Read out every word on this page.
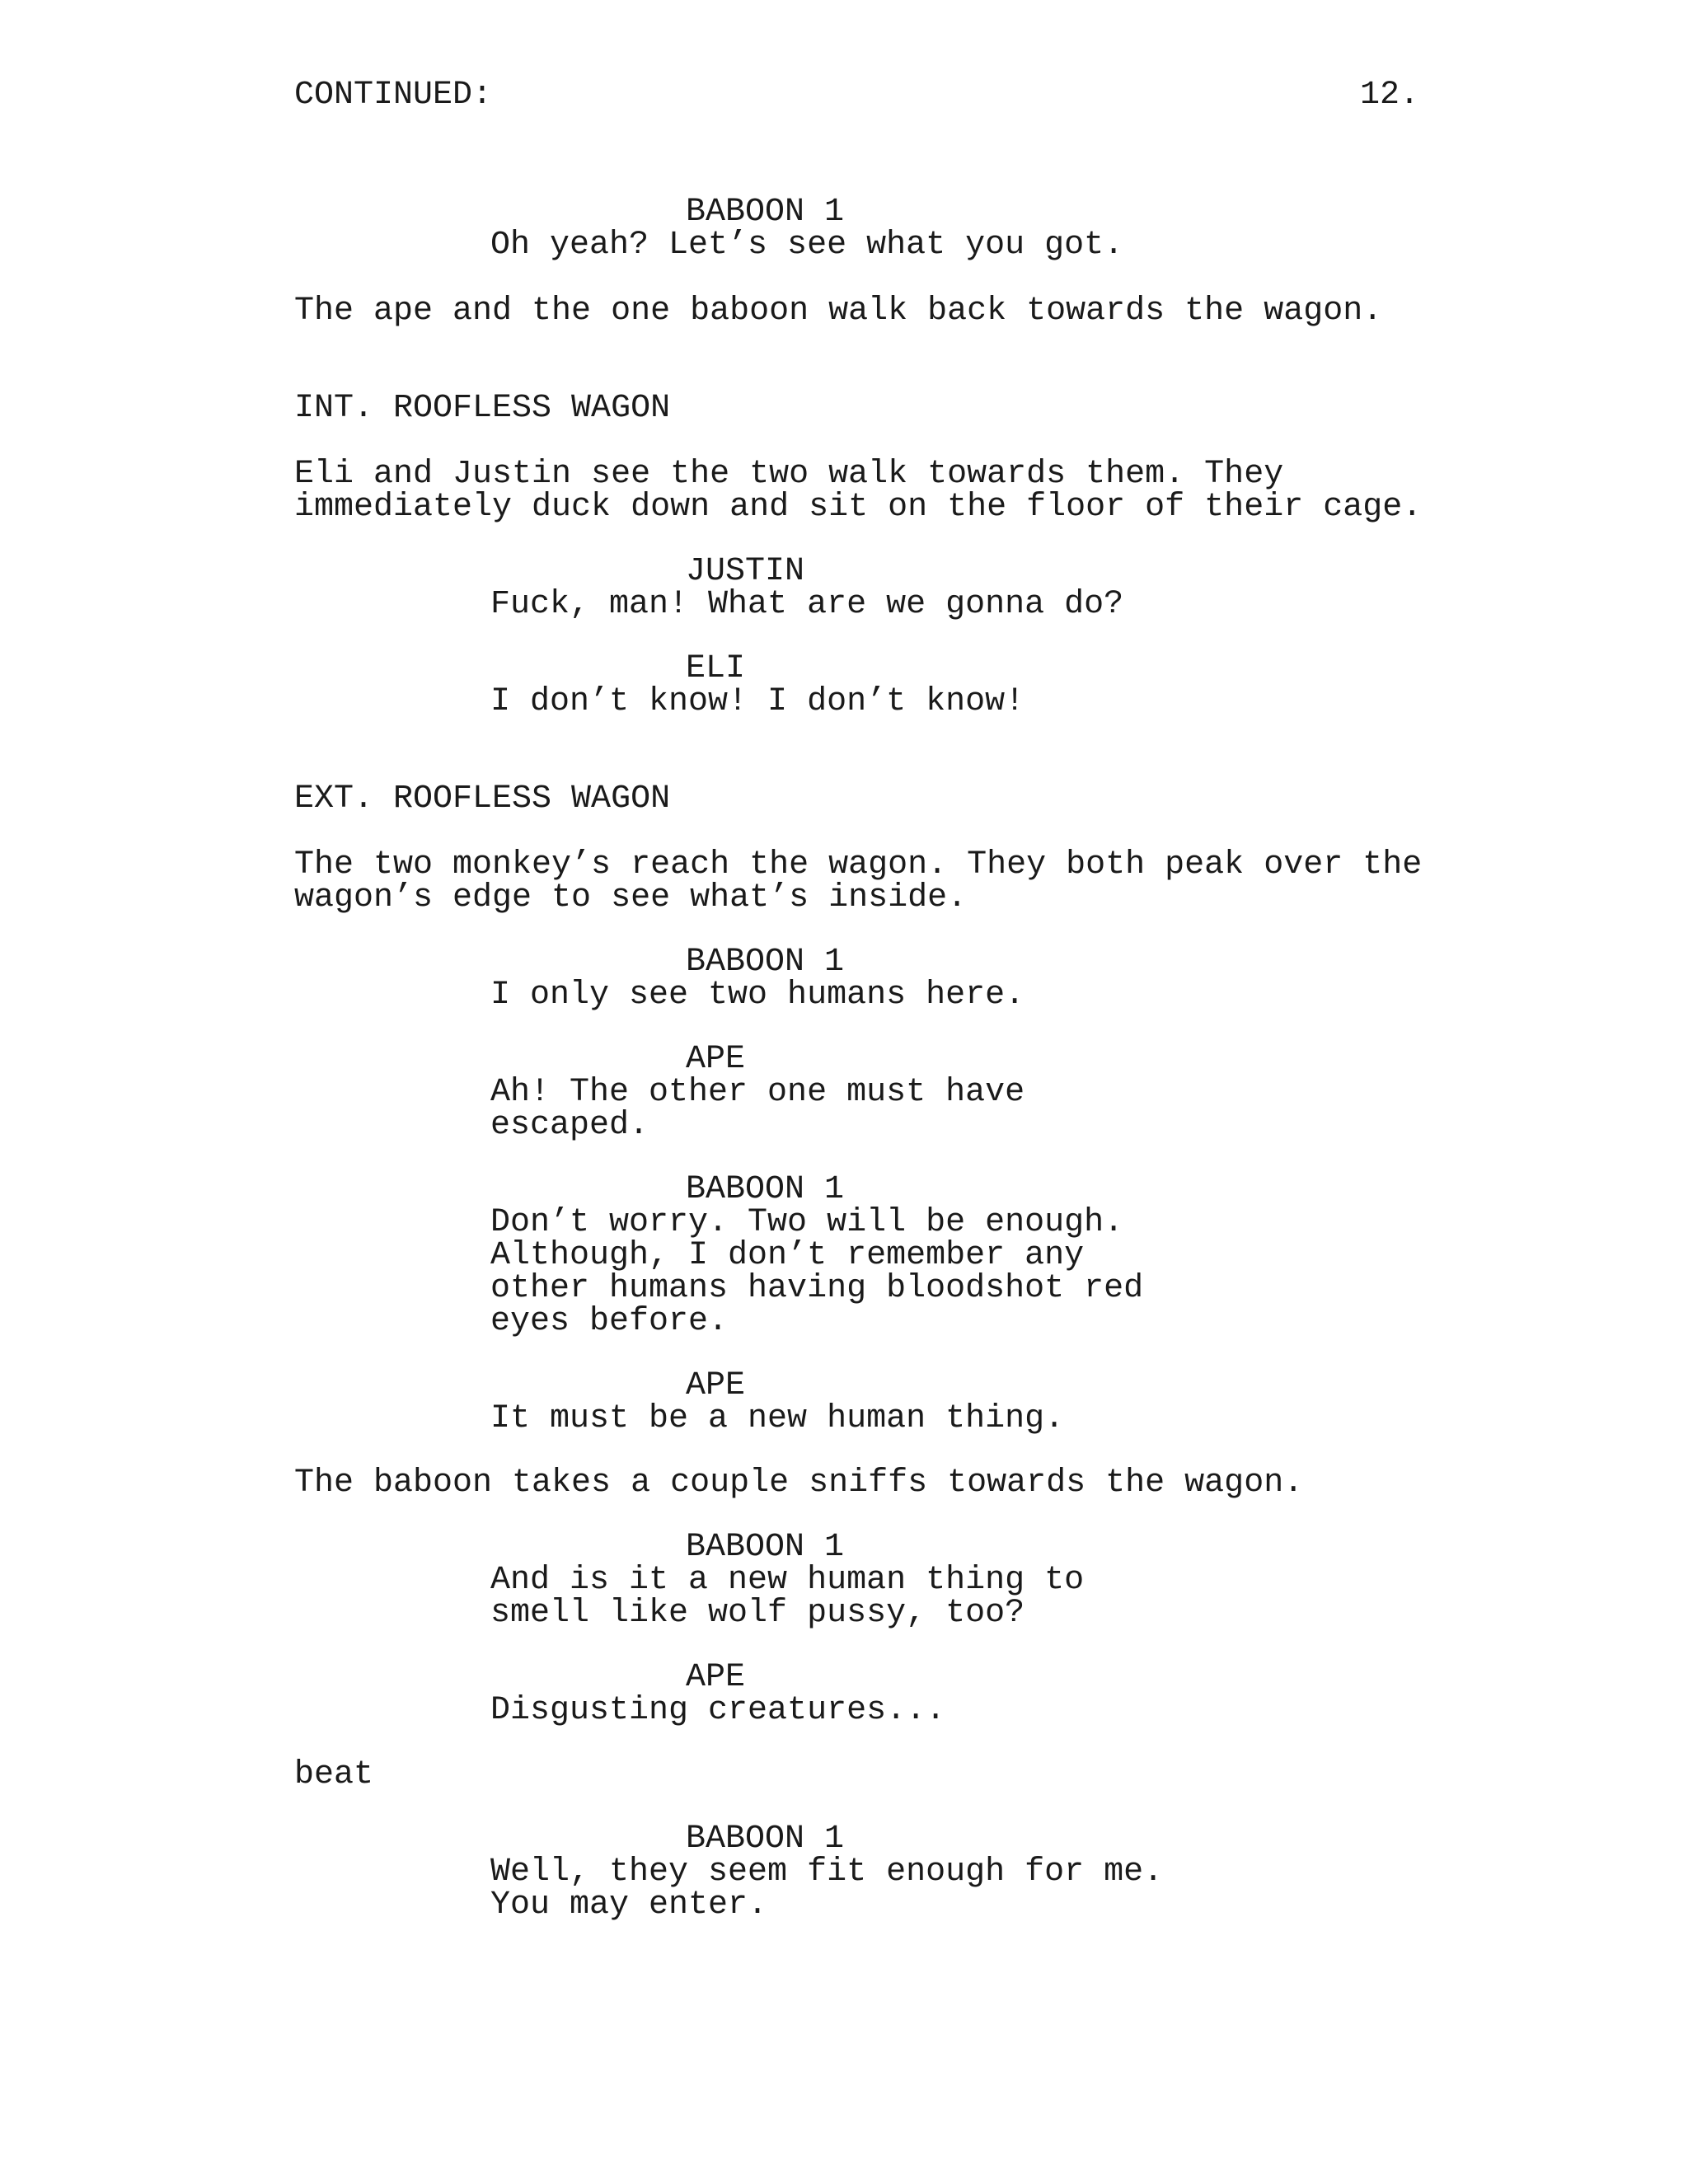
CONTINUED:	12.
BABOON 1
Oh yeah? Let’s see what you got.
The ape and the one baboon walk back towards the wagon.
INT. ROOFLESS WAGON
Eli and Justin see the two walk towards them. They
immediately duck down and sit on the floor of their cage.
JUSTIN
Fuck, man! What are we gonna do?
ELI
I don’t know! I don’t know!
EXT. ROOFLESS WAGON
The two monkey’s reach the wagon. They both peak over the
wagon’s edge to see what’s inside.
BABOON 1
I only see two humans here.
APE
Ah! The other one must have
escaped.
BABOON 1
Don’t worry. Two will be enough.
Although, I don’t remember any
other humans having bloodshot red
eyes before.
APE
It must be a new human thing.
The baboon takes a couple sniffs towards the wagon.
BABOON 1
And is it a new human thing to
smell like wolf pussy, too?
APE
Disgusting creatures...
beat
BABOON 1
Well, they seem fit enough for me.
You may enter.
